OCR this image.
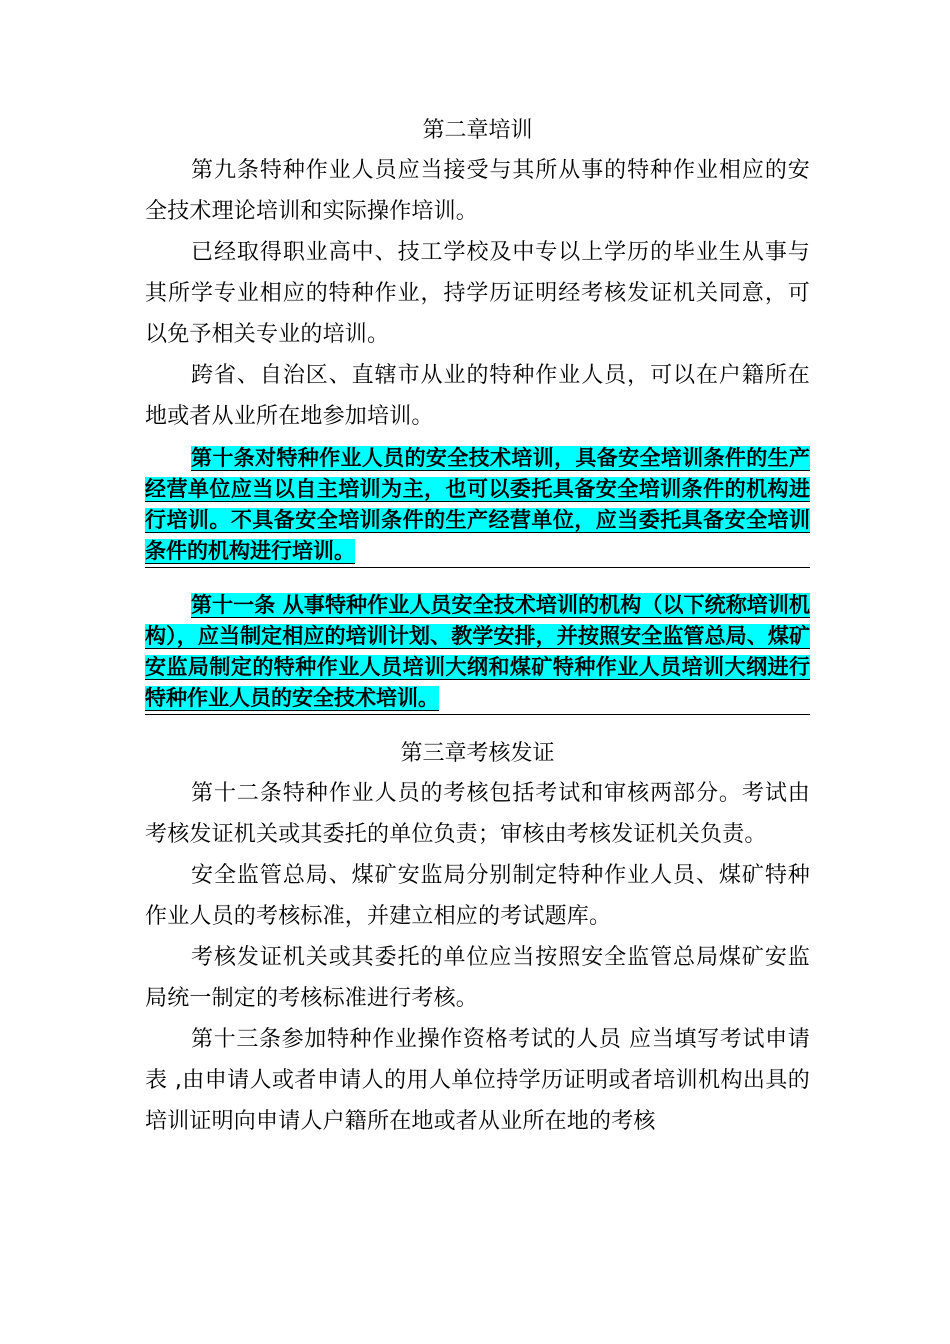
第二章培训

第九条特种作业人员应当接受与其所从事的特种作业相应的安全技术理论培训和实际操作培训。

已经取得职业高中、技工学校及中专以上学历的毕业生从事与其所学专业相应的特种作业，持学历证明经考核发证机关同意，可以免予相关专业的培训。

跨省、自治区、直辖市从业的特种作业人员，可以在户籍所在地或者从业所在地参加培训。

第十条对特种作业人员的安全技术培训，具备安全培训条件的生产经营单位应当以自主培训为主，也可以委托具备安全培训条件的机构进行培训。不具备安全培训条件的生产经营单位，应当委托具备安全培训条件的机构进行培训。

第十一条 从事特种作业人员安全技术培训的机构（以下统称培训机构），应当制定相应的培训计划、教学安排，并按照安全监管总局、煤矿安监局制定的特种作业人员培训大纲和煤矿特种作业人员培训大纲进行特种作业人员的安全技术培训。

第三章考核发证

第十二条特种作业人员的考核包括考试和审核两部分。考试由考核发证机关或其委托的单位负责；审核由考核发证机关负责。

安全监管总局、煤矿安监局分别制定特种作业人员、煤矿特种作业人员的考核标准，并建立相应的考试题库。

考核发证机关或其委托的单位应当按照安全监管总局煤矿安监局统一制定的考核标准进行考核。

第十三条参加特种作业操作资格考试的人员 应当填写考试申请表 ,由申请人或者申请人的用人单位持学历证明或者培训机构出具的培训证明向申请人户籍所在地或者从业所在地的考核
